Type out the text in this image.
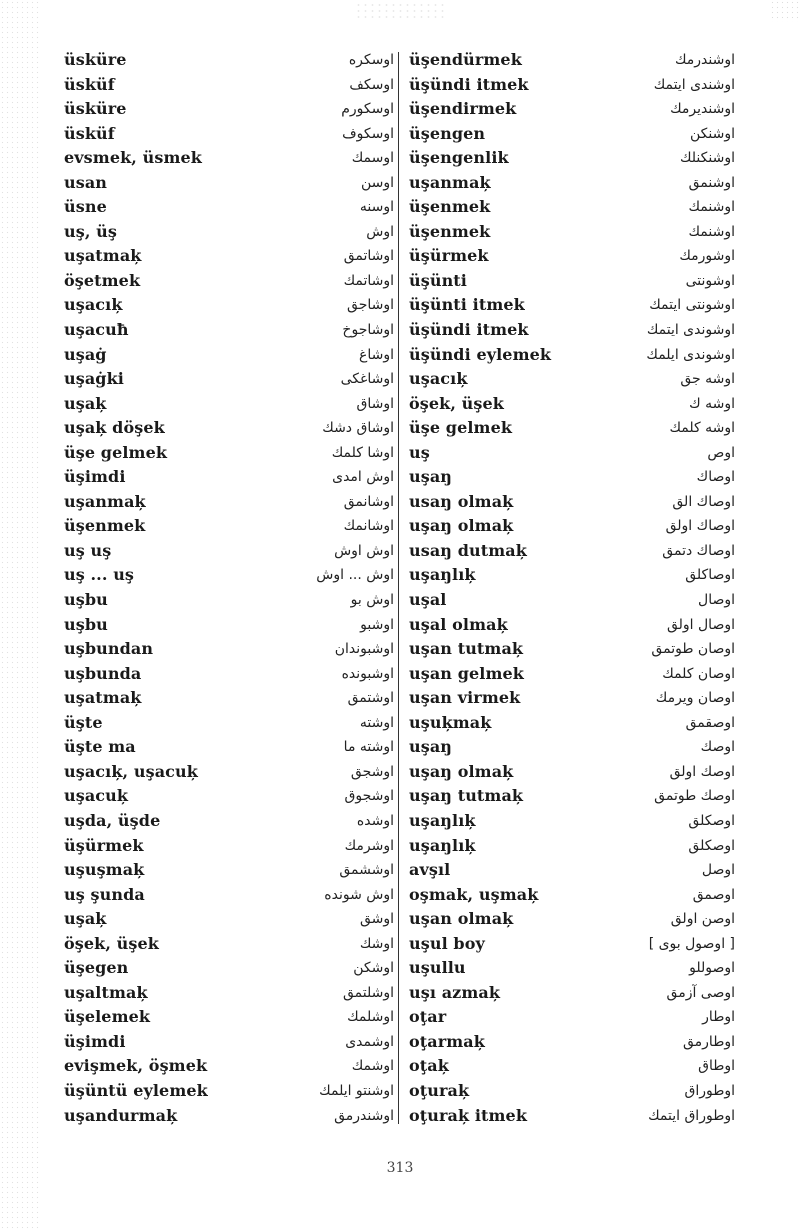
üsküre	اوسكره
üsküf	اوسكف
üsküre	اوسكورم
üsküf	اوسكوف
evsmek, üsmek	اوسمك
usan	اوسن
üsne	اوسنه
uş, üş	اوش
uşatmaķ	اوشاتمق
öşetmek	اوشاتمك
uşacıķ	اوشاجق
uşacuħ	اوشاجوخ
uşaġ	اوشاغ
uşaġki	اوشاغكى
uşaķ	اوشاق
uşaķ döşek	اوشاق دشك
üşe gelmek	اوشا كلمك
üşimdi	اوش امدى
uşanmaķ	اوشانمق
üşenmek	اوشانمك
uş uş	اوش اوش
uş ... uş	اوش ... اوش
uşbu	اوش بو
uşbu	اوشبو
uşbundan	اوشبوندان
uşbunda	اوشبونده
uşatmaķ	اوشتمق
üşte	اوشته
üşte ma	اوشته ما
uşacıķ, uşacuķ	اوشجق
uşacuķ	اوشجوق
uşda, üşde	اوشده
üşürmek	اوشرمك
uşuşmaķ	اوششمق
uş şunda	اوش شونده
uşaķ	اوشق
öşek, üşek	اوشك
üşegen	اوشكن
uşaltmaķ	اوشلتمق
üşelemek	اوشلمك
üşimdi	اوشمدى
evişmek, öşmek	اوشمك
üşüntü eylemek	اوشنتو ايلمك
uşandurmaķ	اوشندرمق
üşendürmek	اوشندرمك
üşündi itmek	اوشندى ايتمك
üşendirmek	اوشنديرمك
üşengen	اوشنكن
üşengenlik	اوشنكنلك
uşanmaķ	اوشنمق
üşenmek	اوشنمك
üşenmek	اوشنمك
üşürmek	اوشورمك
üşünti	اوشونتى
üşünti itmek	اوشونتى ايتمك
üşündi itmek	اوشوندى ايتمك
üşündi eylemek	اوشوندى ايلمك
uşacıķ	اوشه جق
öşek, üşek	اوشه ك
üşe gelmek	اوشه كلمك
uş	اوص
uşaŋ	اوصاك
usaŋ olmaķ	اوصاك الق
uşaŋ olmaķ	اوصاك اولق
usaŋ dutmaķ	اوصاك دتمق
uşaŋlıķ	اوصاكلق
uşal	اوصال
uşal olmaķ	اوصال اولق
uşan tutmaķ	اوصان طوتمق
uşan gelmek	اوصان كلمك
uşan virmek	اوصان ويرمك
uşuķmaķ	اوصقمق
uşaŋ	اوصك
uşaŋ olmaķ	اوصك اولق
uşaŋ tutmaķ	اوصك طوتمق
uşaŋlıķ	اوصكلق
uşaŋlıķ	اوصكلق
avşıl	اوصل
oşmak, uşmaķ	اوصمق
uşan olmaķ	اوصن اولق
uşul boy	[ اوصول بوى ]
uşullu	اوصوللو
uşı azmaķ	اوصى آزمق
oţar	اوطار
oţarmaķ	اوطارمق
oţaķ	اوطاق
oţuraķ	اوطوراق
oţuraķ itmek	اوطوراق ايتمك
313
